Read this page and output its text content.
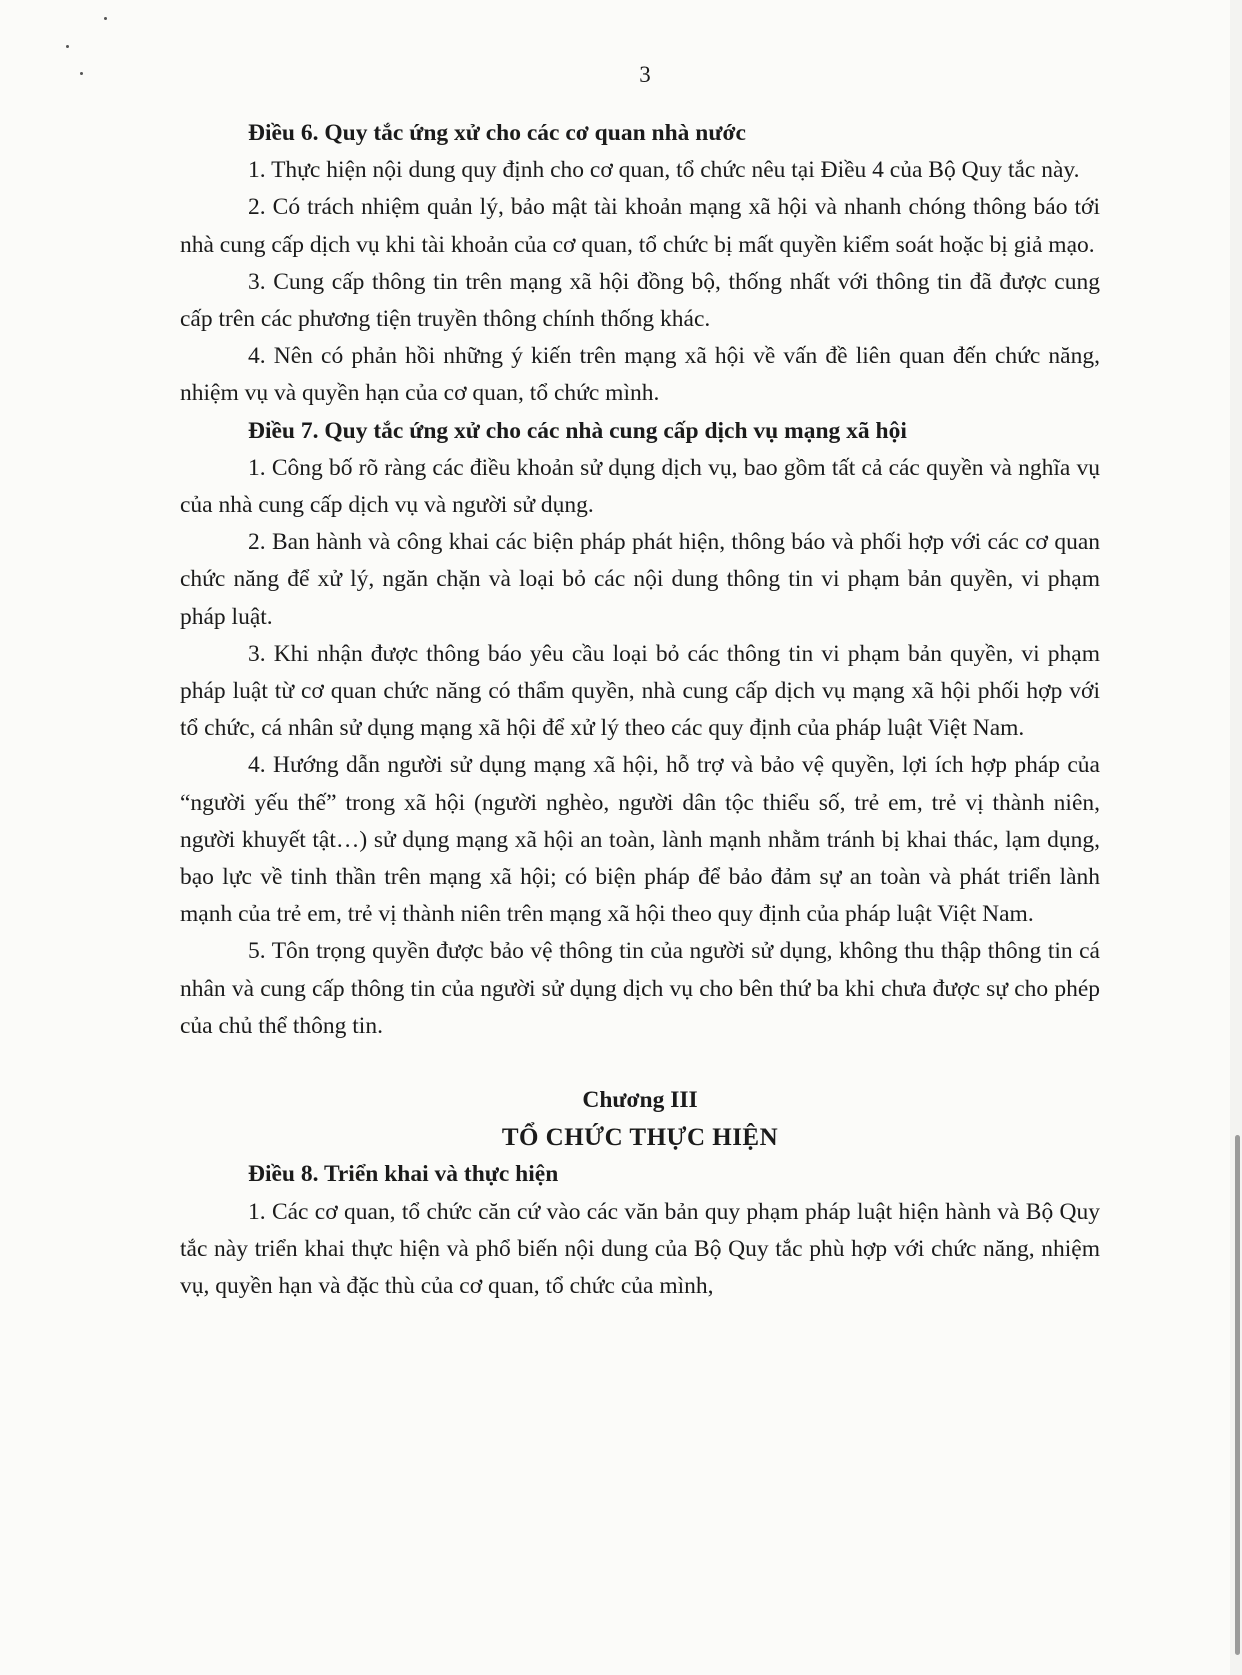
3

Điều 6. Quy tắc ứng xử cho các cơ quan nhà nước

1. Thực hiện nội dung quy định cho cơ quan, tổ chức nêu tại Điều 4 của Bộ Quy tắc này.

2. Có trách nhiệm quản lý, bảo mật tài khoản mạng xã hội và nhanh chóng thông báo tới nhà cung cấp dịch vụ khi tài khoản của cơ quan, tổ chức bị mất quyền kiểm soát hoặc bị giả mạo.

3. Cung cấp thông tin trên mạng xã hội đồng bộ, thống nhất với thông tin đã được cung cấp trên các phương tiện truyền thông chính thống khác.

4. Nên có phản hồi những ý kiến trên mạng xã hội về vấn đề liên quan đến chức năng, nhiệm vụ và quyền hạn của cơ quan, tổ chức mình.

Điều 7. Quy tắc ứng xử cho các nhà cung cấp dịch vụ mạng xã hội

1. Công bố rõ ràng các điều khoản sử dụng dịch vụ, bao gồm tất cả các quyền và nghĩa vụ của nhà cung cấp dịch vụ và người sử dụng.

2. Ban hành và công khai các biện pháp phát hiện, thông báo và phối hợp với các cơ quan chức năng để xử lý, ngăn chặn và loại bỏ các nội dung thông tin vi phạm bản quyền, vi phạm pháp luật.

3. Khi nhận được thông báo yêu cầu loại bỏ các thông tin vi phạm bản quyền, vi phạm pháp luật từ cơ quan chức năng có thẩm quyền, nhà cung cấp dịch vụ mạng xã hội phối hợp với tổ chức, cá nhân sử dụng mạng xã hội để xử lý theo các quy định của pháp luật Việt Nam.

4. Hướng dẫn người sử dụng mạng xã hội, hỗ trợ và bảo vệ quyền, lợi ích hợp pháp của “người yếu thế” trong xã hội (người nghèo, người dân tộc thiểu số, trẻ em, trẻ vị thành niên, người khuyết tật…) sử dụng mạng xã hội an toàn, lành mạnh nhằm tránh bị khai thác, lạm dụng, bạo lực về tinh thần trên mạng xã hội; có biện pháp để bảo đảm sự an toàn và phát triển lành mạnh của trẻ em, trẻ vị thành niên trên mạng xã hội theo quy định của pháp luật Việt Nam.

5. Tôn trọng quyền được bảo vệ thông tin của người sử dụng, không thu thập thông tin cá nhân và cung cấp thông tin của người sử dụng dịch vụ cho bên thứ ba khi chưa được sự cho phép của chủ thể thông tin.

Chương III

TỔ CHỨC THỰC HIỆN

Điều 8. Triển khai và thực hiện

1. Các cơ quan, tổ chức căn cứ vào các văn bản quy phạm pháp luật hiện hành và Bộ Quy tắc này triển khai thực hiện và phổ biến nội dung của Bộ Quy tắc phù hợp với chức năng, nhiệm vụ, quyền hạn và đặc thù của cơ quan, tổ chức của mình,
